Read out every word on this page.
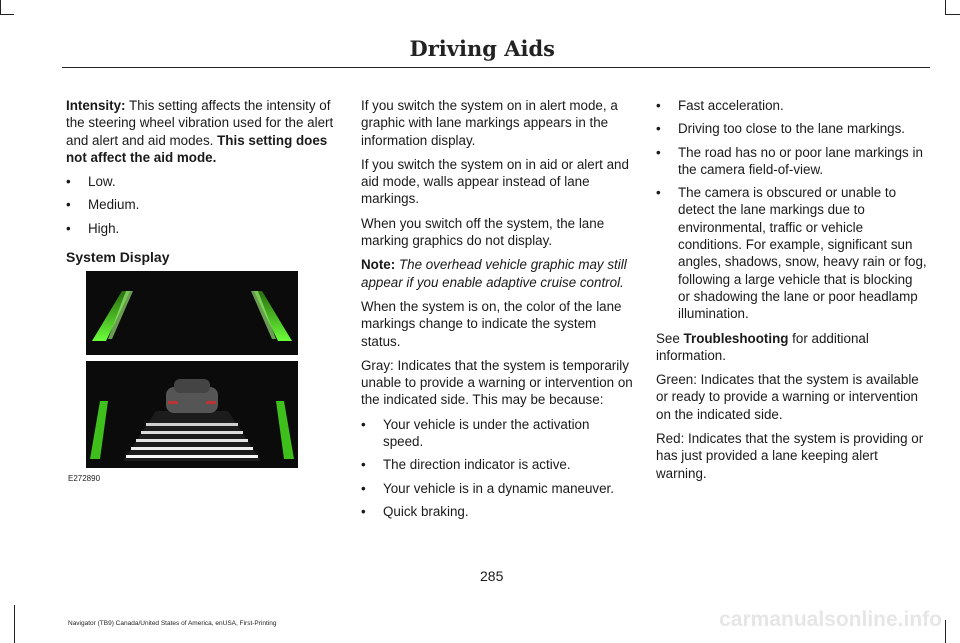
Driving Aids

Intensity: This setting affects the intensity of the steering wheel vibration used for the alert and alert and aid modes. This setting does not affect the aid mode.

• Low.
• Medium.
• High.
System Display
E272890

If you switch the system on in alert mode, a graphic with lane markings appears in the information display.

If you switch the system on in aid or alert and aid mode, walls appear instead of lane markings.

When you switch off the system, the lane marking graphics do not display.

Note: The overhead vehicle graphic may still appear if you enable adaptive cruise control.

When the system is on, the color of the lane markings change to indicate the system status.

Gray: Indicates that the system is temporarily unable to provide a warning or intervention on the indicated side. This may be because:

• Your vehicle is under the activation speed.
• The direction indicator is active.
• Your vehicle is in a dynamic maneuver.
• Quick braking.
• Fast acceleration.
• Driving too close to the lane markings.
• The road has no or poor lane markings in the camera field-of-view.
• The camera is obscured or unable to detect the lane markings due to environmental, traffic or vehicle conditions. For example, significant sun angles, shadows, snow, heavy rain or fog, following a large vehicle that is blocking or shadowing the lane or poor headlamp illumination.

See Troubleshooting for additional information.

Green: Indicates that the system is available or ready to provide a warning or intervention on the indicated side.

Red: Indicates that the system is providing or has just provided a lane keeping alert warning.

285
Navigator (TB9) Canada/United States of America, enUSA, First-Printing	carmanualsonline.info
